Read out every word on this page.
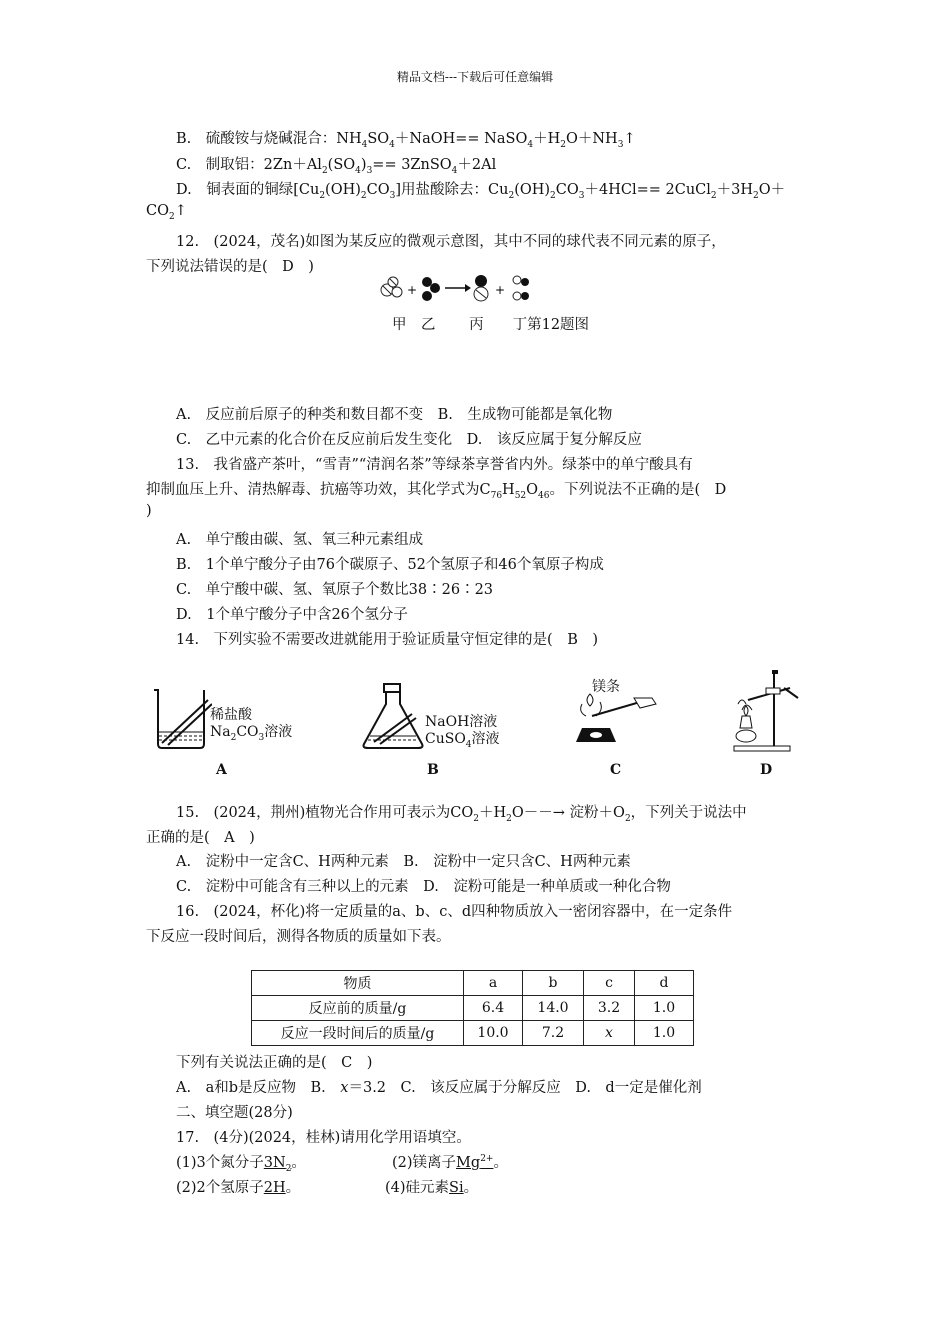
精品文档---下载后可任意编辑
B.　硫酸铵与烧碱混合：$NH_4SO_4+NaOH==$ $NaSO_4+H_2O+NH_3↑$
C.　制取铝：$2Zn+Al_2(SO_4)_3==$ 3ZnSO$_4$＋2Al
D.　铜表面的铜绿$[Cu_2(OH)_2CO_3]$用盐酸除去：$Cu_2(OH)_2CO_3+4HCl==$ $2CuCl_2+3H_2O+$
$CO_2↑$
12.　(2024，茂名)如图为某反应的微观示意图，其中不同的球代表不同元素的原子，
下列说法错误的是(　D　)
+	+
甲　乙　　 丙　　丁第12题图
A.　反应前后原子的种类和数目都不变　B.　生成物可能都是氧化物
C.　乙中元素的化合价在反应前后发生变化　D.　该反应属于复分解反应
13.　我省盛产茶叶，“雪青”“清润名茶”等绿茶享誉省内外。绿茶中的单宁酸具有
抑制血压上升、清热解毒、抗癌等功效，其化学式为$C_{76}H_{52}O_{46}$。下列说法不正确的是(　D
)
A.　单宁酸由碳、氢、氧三种元素组成
B.　1个单宁酸分子由76个碳原子、52个氢原子和46个氧原子构成
C.　单宁酸中碳、氢、氧原子个数比38∶26∶23
D.　1个单宁酸分子中含26个氢分子
14.　下列实验不需要改进就能用于验证质量守恒定律的是(　B　)
稀盐酸
$Na_2CO_3$溶液
A
NaOH溶液
CuSO$_4$溶液
B
镁条
C	D
15.　(2024，荆州)植物光合作用可表示为$CO_2+H_2O--\to$ 淀粉$+O_2$，下列关于说法中
正确的是(　A　)
A.　淀粉中一定含C、H两种元素　B.　淀粉中一定只含C、H两种元素
C.　淀粉中可能含有三种以上的元素　D.　淀粉可能是一种单质或一种化合物
16.　(2024，杯化)将一定质量的a、b、c、d四种物质放入一密闭容器中，在一定条件
下反应一段时间后，测得各物质的质量如下表。
物质	a	b	c	d
反应前的质量/g	6.4	14.0	3.2	1.0
反应一段时间后的质量/g	10.0	7.2	x	1.0
下列有关说法正确的是(　C　)
A.　a和b是反应物　B.　x＝3.2　C.　该反应属于分解反应　D.　d一定是催化剂
二、填空题(28分)
17.　(4分)(2024，桂林)请用化学用语填空。
(1)3个氮分子$3N_2$。	(2)镁离子$Mg^{2+}$。
(2)2个氢原子2H。	(4)硅元素Si。
